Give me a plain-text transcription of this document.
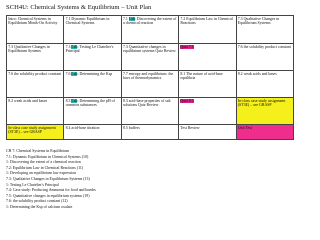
SCH4U: Chemical Systems & Equilibrium – Unit Plan
Intro: Chemical Systems in Equilibrium Minds-On Activity	7.1 Dynamic Equilibrium in Chemical Systems	7.1 Lab: Discovering the extent of a chemical reaction	7.2 Equilibrium Law in Chemical Reactions	7.3 Qualitative Changes in Equilibrium Systems
7.3 Qualitative Changes in Equilibrium Systems	7.3 Lab: Testing Le Chatelier's Principal	7.3 Quantitative changes in equilibrium systems Quiz Review	Quiz 7.1	7.6 the solubility product constant
7.6 the solubility product constant	7.6 Lab: Determining the Ksp	7.7 entropy and equilibrium: the laws of thermodynamics	8.1 The nature of acid-base equilibria	8.2 weak acids and bases
8.2 weak acids and bases	8.3 Lab: Determining the pH of common substances	8.3 acid-base properties of salt solutions Quiz Review	Quiz 8.1	In-class case study assignment (ST3E) – see GRASP
In-class case study assignment (ST3E) – see GRASP	8.4 acid-base titration	8.5 buffers	Test Review	Unit Test
CH 7: Chemical Systems in Equilibrium
7.1: Dynamic Equilibrium in Chemical Systems (10)
1: Discovering the extent of a chemical reaction
7.2: Equilibrium Law in Chemical Reactions (11)
1: Developing an equilibrium law expression
7.3: Qualitative Changes in Equilibrium Systems (13)
1: Testing Le Chatelier's Principal
7.4: Case study: Producing Ammonia for food and bombs
7.5: Quantitative changes in equilibrium systems (19)
7.6: the solubility product constant (12)
1: Determining the Ksp of calcium oxalate
